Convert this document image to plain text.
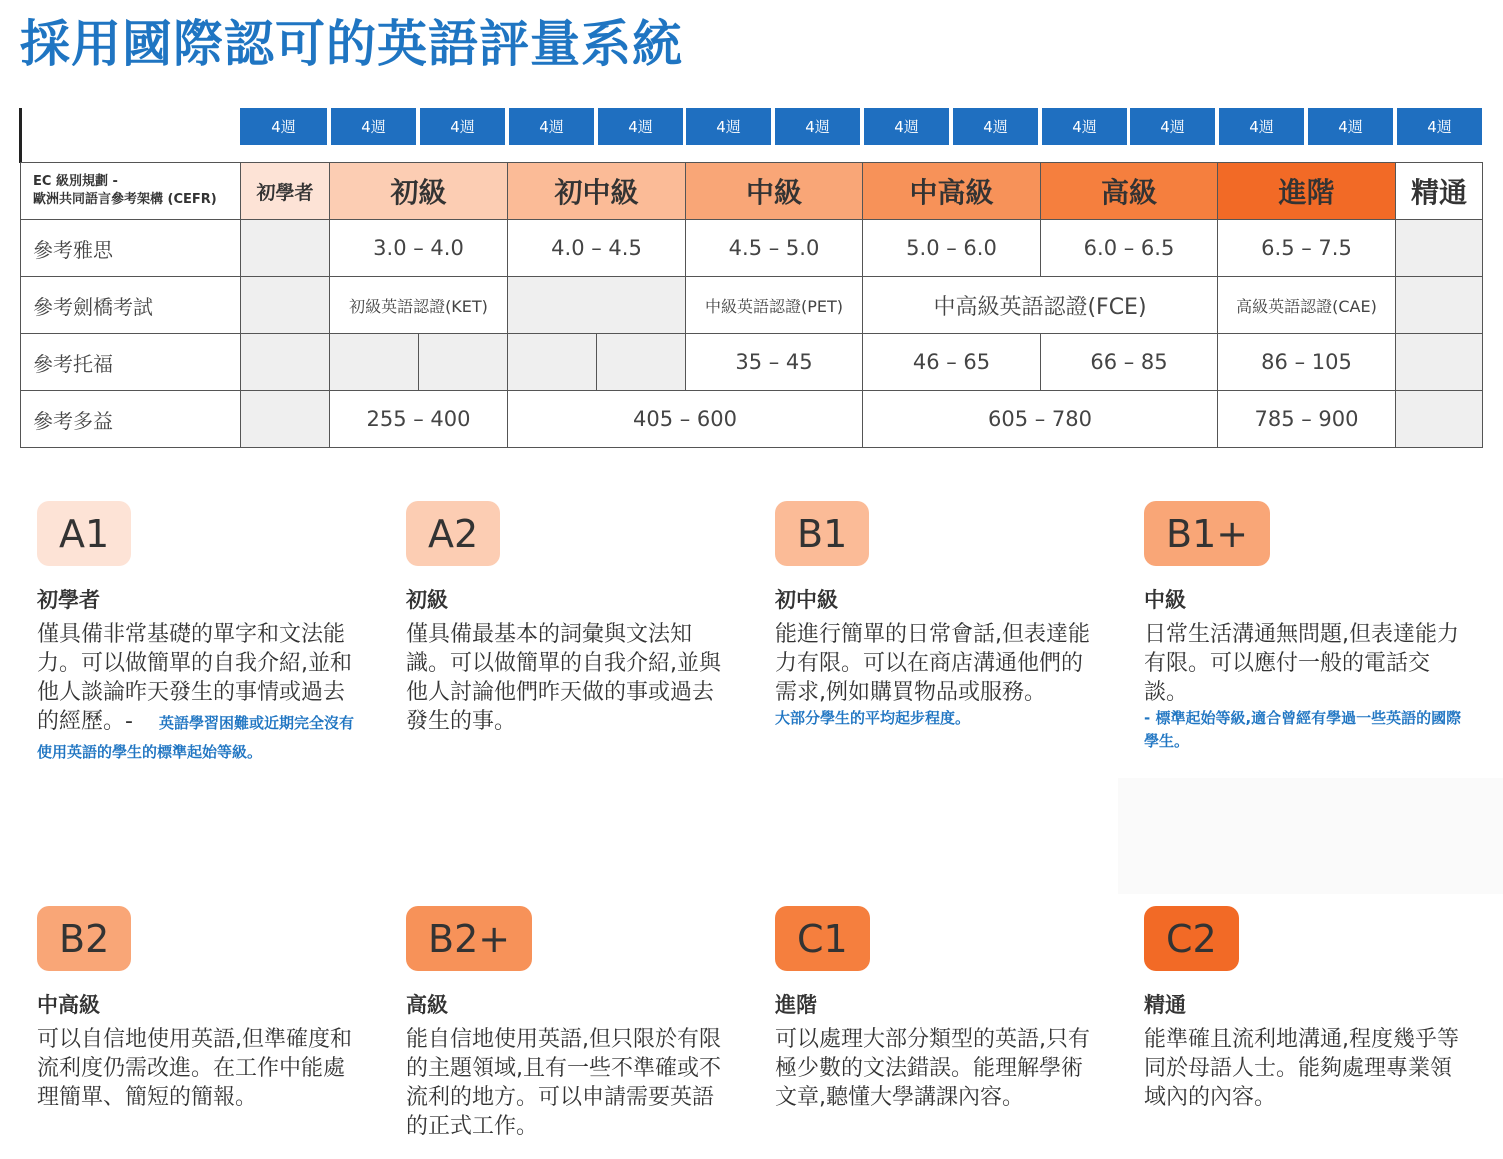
採用國際認可的英語評量系統
4週	4週	4週	4週	4週	4週	4週	4週	4週	4週	4週	4週	4週	4週
EC 級別規劃 -
歐洲共同語言參考架構 (CEFR)	初學者	初級		初中級		中級	中高級	高級	進階	精通
參考雅思		3.0 – 4.0		4.0 – 4.5		4.5 – 5.0	5.0 – 6.0	6.0 – 6.5	6.5 – 7.5	
參考劍橋考試		初級英語認證(KET)				中級英語認證(PET)	中高級英語認證(FCE)		高級英語認證(CAE)	
參考托福						35 – 45	46 – 65	66 – 85	86 – 105	
參考多益		255 – 400		405 – 600			605 – 780		785 – 900	
A1
初學者
僅具備非常基礎的單字和文法能力。可以做簡單的自我介紹,並和他人談論昨天發生的事情或過去的經歷。- 英語學習困難或近期完全沒有使用英語的學生的標準起始等級。
A2
初級
僅具備最基本的詞彙與文法知識。可以做簡單的自我介紹,並與他人討論他們昨天做的事或過去發生的事。
B1
初中級
能進行簡單的日常會話,但表達能力有限。可以在商店溝通他們的需求,例如購買物品或服務。
大部分學生的平均起步程度。
B1+
中級
日常生活溝通無問題,但表達能力有限。可以應付一般的電話交談。
- 標準起始等級,適合曾經有學過一些英語的國際學生。
B2
中高級
可以自信地使用英語,但準確度和流利度仍需改進。在工作中能處理簡單、簡短的簡報。
B2+
高級
能自信地使用英語,但只限於有限的主題領域,且有一些不準確或不流利的地方。可以申請需要英語的正式工作。
C1
進階
可以處理大部分類型的英語,只有極少數的文法錯誤。能理解學術文章,聽懂大學講課內容。
C2
精通
能準確且流利地溝通,程度幾乎等同於母語人士。能夠處理專業領域內的內容。
